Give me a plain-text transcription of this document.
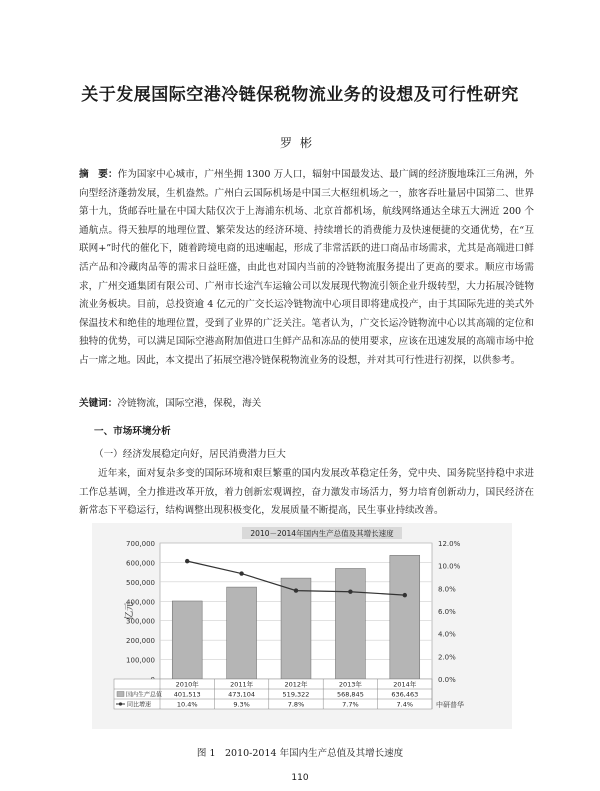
关于发展国际空港冷链保税物流业务的设想及可行性研究
罗彬
摘　要：作为国家中心城市，广州坐拥 1300 万人口，辐射中国最发达、最广阔的经济腹地珠江三角洲，外向型经济蓬勃发展，生机盎然。广州白云国际机场是中国三大枢纽机场之一，旅客吞吐量居中国第二、世界第十九，货邮吞吐量在中国大陆仅次于上海浦东机场、北京首都机场，航线网络通达全球五大洲近 200 个通航点。得天独厚的地理位置、繁荣发达的经济环境、持续增长的消费能力及快速便捷的交通优势，在“互联网+”时代的催化下，随着跨境电商的迅速崛起，形成了非常活跃的进口商品市场需求，尤其是高端进口鲜活产品和冷藏肉品等的需求日益旺盛，由此也对国内当前的冷链物流服务提出了更高的要求。顺应市场需求，广州交通集团有限公司、广州市长途汽车运输公司以发展现代物流引领企业升级转型，大力拓展冷链物流业务板块。目前，总投资逾 4 亿元的广交长运冷链物流中心项目即将建成投产，由于其国际先进的美式外保温技术和绝佳的地理位置，受到了业界的广泛关注。笔者认为，广交长运冷链物流中心以其高端的定位和独特的优势，可以满足国际空港高附加值进口生鲜产品和冻品的使用要求，应该在迅速发展的高端市场中抢占一席之地。因此，本文提出了拓展空港冷链保税物流业务的设想，并对其可行性进行初探，以供参考。
关键词：冷链物流，国际空港，保税，海关
一、市场环境分析
（一）经济发展稳定向好，居民消费潜力巨大
近年来，面对复杂多变的国际环境和艰巨繁重的国内发展改革稳定任务，党中央、国务院坚持稳中求进工作总基调，全力推进改革开放，着力创新宏观调控，奋力激发市场活力，努力培育创新动力，国民经济在新常态下平稳运行，结构调整出现积极变化，发展质量不断提高，民生事业持续改善。
100,000
200,000
300,000
400,000
500,000
600,000
700,000
0.0%
2.0%
4.0%
6.0%
8.0%
10.0%
12.0%
2010－2014年国内生产总值及其增长速度
亿元
2010年
401,513
10.4%
2011年
473,104
9.3%
2012年
519,322
7.8%
2013年
568,845
7.7%
2014年
636,463
7.4%
国内生产总值
同比增速	中研普华
图 1　2010-2014 年国内生产总值及其增长速度
110
